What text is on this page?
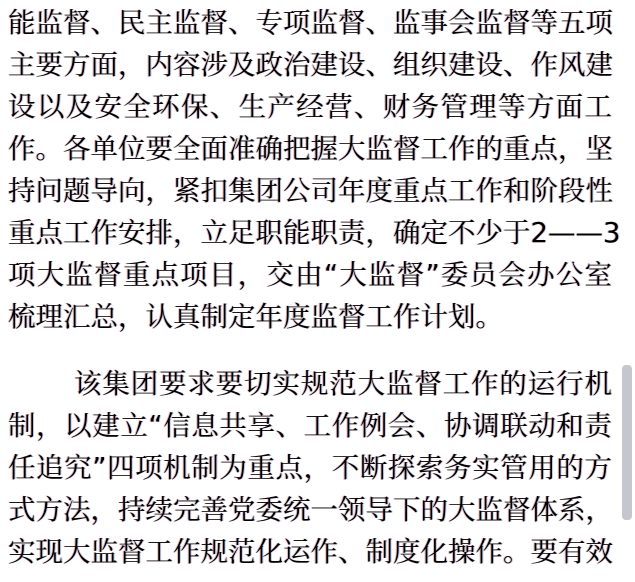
能监督、民主监督、专项监督、监事会监督等五项
主要方面，内容涉及政治建设、组织建设、作风建
设以及安全环保、生产经营、财务管理等方面工
作。各单位要全面准确把握大监督工作的重点，坚
持问题导向，紧扣集团公司年度重点工作和阶段性
重点工作安排，立足职能职责，确定不少于2——3
项大监督重点项目，交由“大监督”委员会办公室
梳理汇总，认真制定年度监督工作计划。
该集团要求要切实规范大监督工作的运行机
制，以建立“信息共享、工作例会、协调联动和责
任追究”四项机制为重点，不断探索务实管用的方
式方法，持续完善党委统一领导下的大监督体系，
实现大监督工作规范化运作、制度化操作。要有效
